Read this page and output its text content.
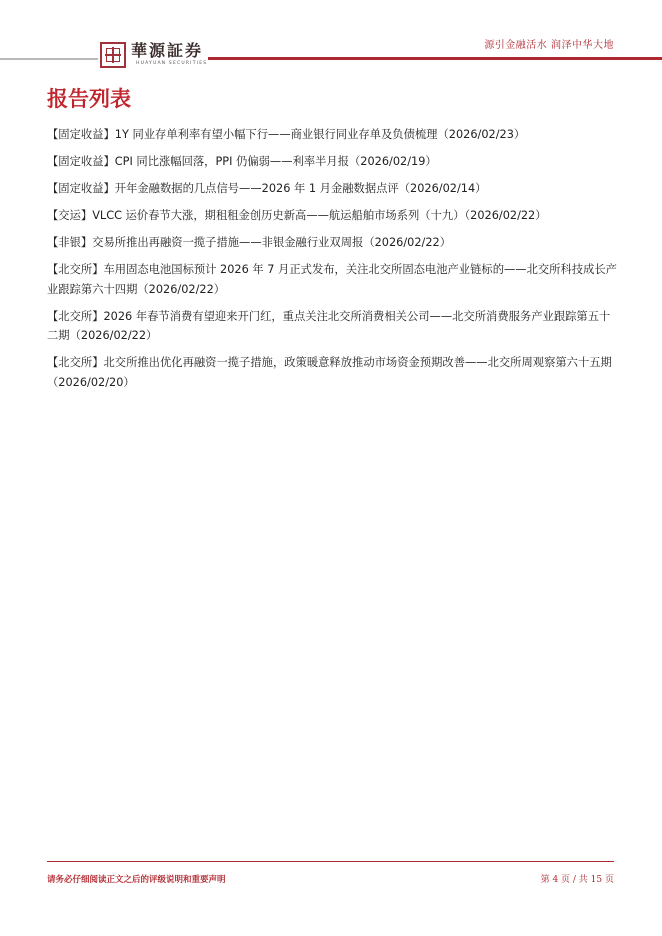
華源証券
HUAYUAN SECURITIES
源引金融活水 润泽中华大地
报告列表
【固定收益】1Y 同业存单利率有望小幅下行——商业银行同业存单及负债梳理（2026/02/23）
【固定收益】CPI 同比涨幅回落，PPI 仍偏弱——利率半月报（2026/02/19）
【固定收益】开年金融数据的几点信号——2026 年 1 月金融数据点评（2026/02/14）
【交运】VLCC 运价春节大涨，期租租金创历史新高——航运船舶市场系列（十九）（2026/02/22）
【非银】交易所推出再融资一揽子措施——非银金融行业双周报（2026/02/22）
【北交所】车用固态电池国标预计 2026 年 7 月正式发布，关注北交所固态电池产业链标的——北交所科技成长产业跟踪第六十四期（2026/02/22）
【北交所】2026 年春节消费有望迎来开门红，重点关注北交所消费相关公司——北交所消费服务产业跟踪第五十二期（2026/02/22）
【北交所】北交所推出优化再融资一揽子措施，政策暖意释放推动市场资金预期改善——北交所周观察第六十五期（2026/02/20）
请务必仔细阅读正文之后的评级说明和重要声明	第 4 页 / 共 15 页
